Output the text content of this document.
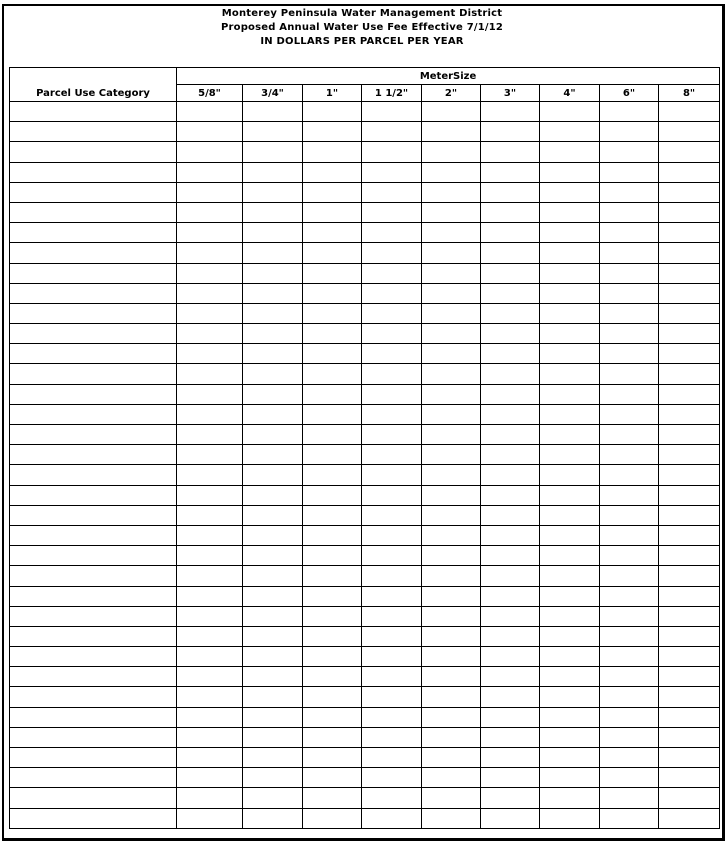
Monterey Peninsula Water Management District
Proposed Annual Water Use Fee Effective 7/1/12
IN DOLLARS PER PARCEL PER YEAR
Parcel Use Category	MeterSize								
	5/8"	3/4"	1"	1 1/2"	2"	3"	4"	6"	8"
